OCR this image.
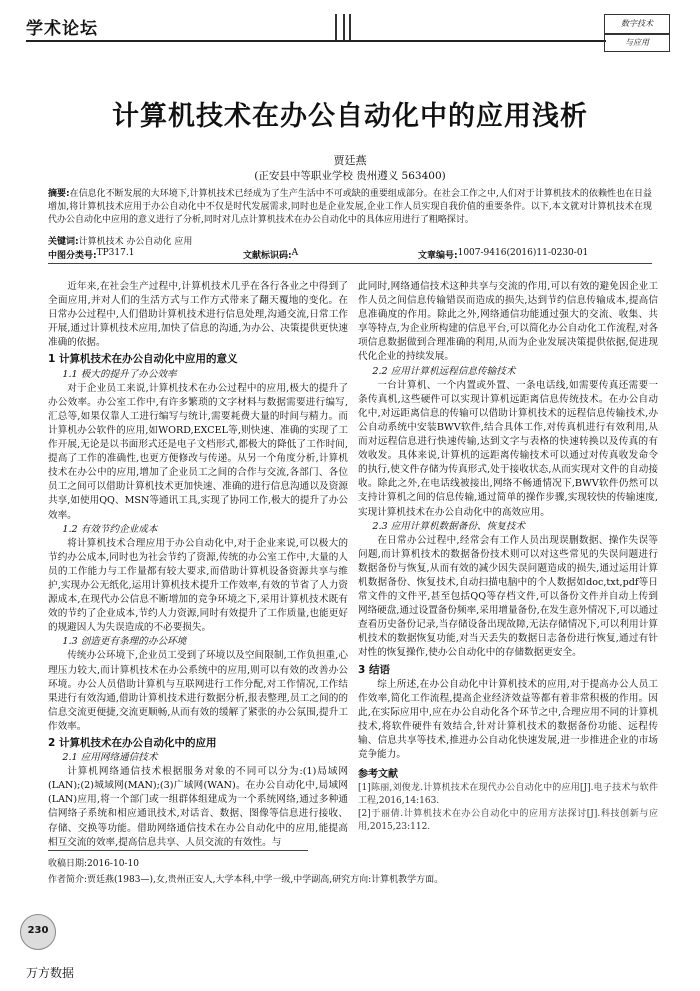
学术论坛	数字技术
与应用
计算机技术在办公自动化中的应用浅析
贾廷燕
(正安县中等职业学校 贵州遵义 563400)
摘要:在信息化不断发展的大环境下,计算机技术已经成为了生产生活中不可或缺的重要组成部分。在社会工作之中,人们对于计算机技术的依赖性也在日益增加,将计算机技术应用于办公自动化中不仅是时代发展需求,同时也是企业发展,企业工作人员实现自我价值的重要条件。以下,本文就对计算机技术在现代办公自动化中应用的意义进行了分析,同时对几点计算机技术在办公自动化中的具体应用进行了粗略探讨。
关键词:计算机技术 办公自动化 应用
中图分类号: TP317.1	文献标识码: A	文章编号: 1007-9416(2016)11-0230-01

近年来,在社会生产过程中,计算机技术几乎在各行各业之中得到了全面应用,并对人们的生活方式与工作方式带来了翻天覆地的变化。在日常办公过程中,人们借助计算机技术进行信息处理,沟通交流,日常工作开展,通过计算机技术应用,加快了信息的沟通,为办公、决策提供更快速准确的依据。

1 计算机技术在办公自动化中应用的意义

1.1 极大的提升了办公效率

对于企业员工来说,计算机技术在办公过程中的应用,极大的提升了办公效率。办公室工作中,有许多繁琐的文字材料与数据需要进行编写,汇总等,如果仅靠人工进行编写与统计,需要耗费大量的时间与精力。而计算机办公软件的应用,如WORD,EXCEL等,则快速、准确的实现了工作开展,无论是以书面形式还是电子文档形式,都极大的降低了工作时间,提高了工作的准确性,也更方便修改与传递。从另一个角度分析,计算机技术在办公中的应用,增加了企业员工之间的合作与交流,各部门、各位员工之间可以借助计算机技术更加快速、准确的进行信息沟通以及资源共享,如使用QQ、MSN等通讯工具,实现了协同工作,极大的提升了办公效率。

1.2 有效节约企业成本

将计算机技术合理应用于办公自动化中,对于企业来说,可以极大的节约办公成本,同时也为社会节约了资源,传统的办公室工作中,大量的人员的工作能力与工作量都有较大要求,而借助计算机设备资源共享与维护,实现办公无纸化,运用计算机技术提升工作效率,有效的节省了人力资源成本,在现代办公信息不断增加的竞争环境之下,采用计算机技术既有效的节约了企业成本,节约人力资源,同时有效提升了工作质量,也能更好的规避因人为失误造成的不必要损失。

1.3 创造更有条理的办公环境

传统办公环境下,企业员工受到了环境以及空间限制,工作负担重,心理压力较大,而计算机技术在办公系统中的应用,则可以有效的改善办公环境。办公人员借助计算机与互联网进行工作分配,对工作情况,工作结果进行有效沟通,借助计算机技术进行数据分析,报表整理,员工之间的的信息交流更便捷,交流更顺畅,从而有效的缓解了紧张的办公氛围,提升工作效率。

2 计算机技术在办公自动化中的应用

2.1 应用网络通信技术

计算机网络通信技术根据服务对象的不同可以分为:(1)局域网(LAN);(2)城域网(MAN);(3)广域网(WAN)。在办公自动化中,局域网(LAN)应用,将一个部门或一组群体组建成为一个系统网络,通过多种通信网络子系统和相应通讯技术,对话音、数据、图像等信息进行接收、存储、交换等功能。借助网络通信技术在办公自动化中的应用,能提高相互交流的效率,提高信息共享、人员交流的有效性。与

此同时,网络通信技术这种共享与交流的作用,可以有效的避免因企业工作人员之间信息传输错误而造成的损失,达到节约信息传输成本,提高信息准确度的作用。除此之外,网络通信功能通过强大的交流、收集、共享等特点,为企业所构建的信息平台,可以简化办公自动化工作流程,对各项信息数据做到合理准确的利用,从而为企业发展决策提供依据,促进现代化企业的持续发展。

2.2 应用计算机远程信息传输技术

一台计算机、一个内置或外置、一条电话线,如需要传真还需要一条传真机,这些硬件可以实现计算机远距离信息传统技术。在办公自动化中,对远距离信息的传输可以借助计算机技术的远程信息传输技术,办公自动系统中安装BWV软件,结合具体工作,对传真机进行有效利用,从而对远程信息进行快速传输,达到文字与表格的快速转换以及传真的有效收发。具体来说,计算机的远距离传输技术可以通过对传真收发命令的执行,使文件存储为传真形式,处于接收状态,从而实现对文件的自动接收。除此之外,在电话线被接出,网络不畅通情况下,BWV软件仍然可以支持计算机之间的信息传输,通过简单的操作步骤,实现较快的传输速度,实现计算机技术在办公自动化中的高效应用。

2.3 应用计算机数据备份、恢复技术

在日常办公过程中,经常会有工作人员出现误删数据、操作失误等问题,而计算机技术的数据备份技术则可以对这些常见的失误问题进行数据备份与恢复,从而有效的减少因失误问题造成的损失,通过运用计算机数据备份、恢复技术,自动扫描电脑中的个人数据如doc,txt,pdf等日常文件的文件平,甚至包括QQ等存档文件,可以备份文件并自动上传到网络硬盘,通过设置备份频率,采用增量备份,在发生意外情况下,可以通过查看历史备份记录,当存储设备出现故障,无法存储情况下,可以利用计算机技术的数据恢复功能,对当天丢失的数据日志备份进行恢复,通过有针对性的恢复操作,使办公自动化中的存储数据更安全。

3 结语

综上所述,在办公自动化中计算机技术的应用,对于提高办公人员工作效率,简化工作流程,提高企业经济效益等都有着非常积极的作用。因此,在实际应用中,应在办公自动化各个环节之中,合理应用不同的计算机技术,将软件硬件有效结合,针对计算机技术的数据备份功能、远程传输、信息共享等技术,推进办公自动化快速发展,进一步推进企业的市场竞争能力。

参考文献

[1]陈丽,刘俊龙.计算机技术在现代办公自动化中的应用[J].电子技术与软件工程,2016,14:163.

[2]于丽倩.计算机技术在办公自动化中的应用方法探讨[J].科技创新与应用,2015,23:112.

收稿日期:2016-10-10
作者简介:贾廷燕(1983—),女,贵州正安人,大学本科,中学一级,中学副高,研究方向:计算机教学方面。
230
万方数据
